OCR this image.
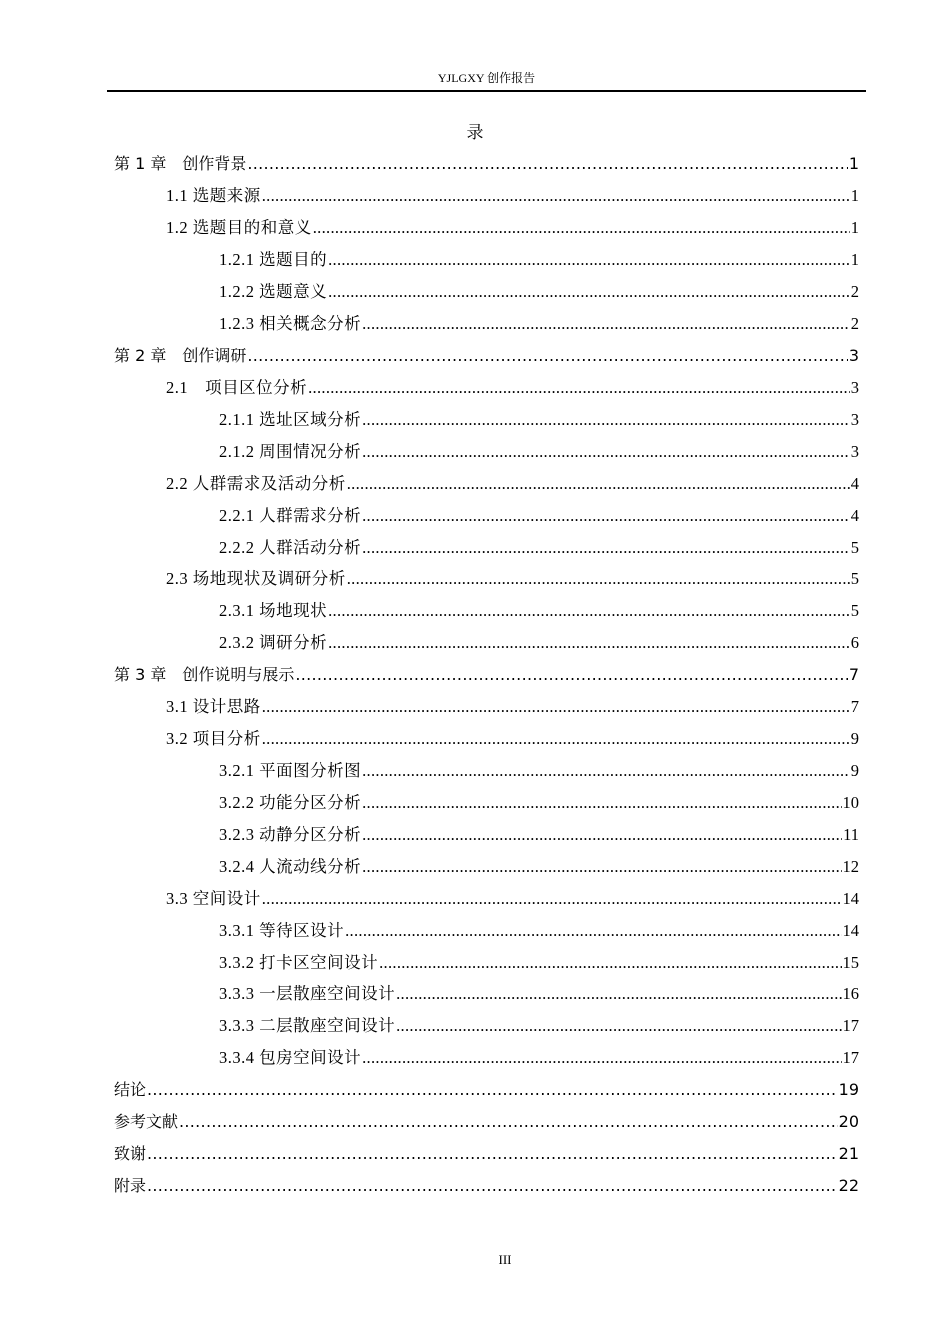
YJLGXY 创作报告
录
第 1 章　创作背景 .....	1
1.1 选题来源 .....	1
1.2 选题目的和意义 .....	1
1.2.1 选题目的 .....	1
1.2.2 选题意义 .....	2
1.2.3 相关概念分析 .....	2
第 2 章　创作调研 .....	3
2.1　项目区位分析 .....	3
2.1.1 选址区域分析 .....	3
2.1.2 周围情况分析 .....	3
2.2 人群需求及活动分析 .....	4
2.2.1 人群需求分析 .....	4
2.2.2 人群活动分析 .....	5
2.3 场地现状及调研分析 .....	5
2.3.1 场地现状 .....	5
2.3.2 调研分析 .....	6
第 3 章　创作说明与展示 .....	7
3.1 设计思路 .....	7
3.2 项目分析 .....	9
3.2.1 平面图分析图 .....	9
3.2.2 功能分区分析 .....	10
3.2.3 动静分区分析 .....	11
3.2.4 人流动线分析 .....	12
3.3 空间设计 .....	14
3.3.1 等待区设计 .....	14
3.3.2 打卡区空间设计 .....	15
3.3.3 一层散座空间设计 .....	16
3.3.3 二层散座空间设计 .....	17
3.3.4 包房空间设计 .....	17
结论 .....	19
参考文献 .....	20
致谢 .....	21
附录 .....	22
III
